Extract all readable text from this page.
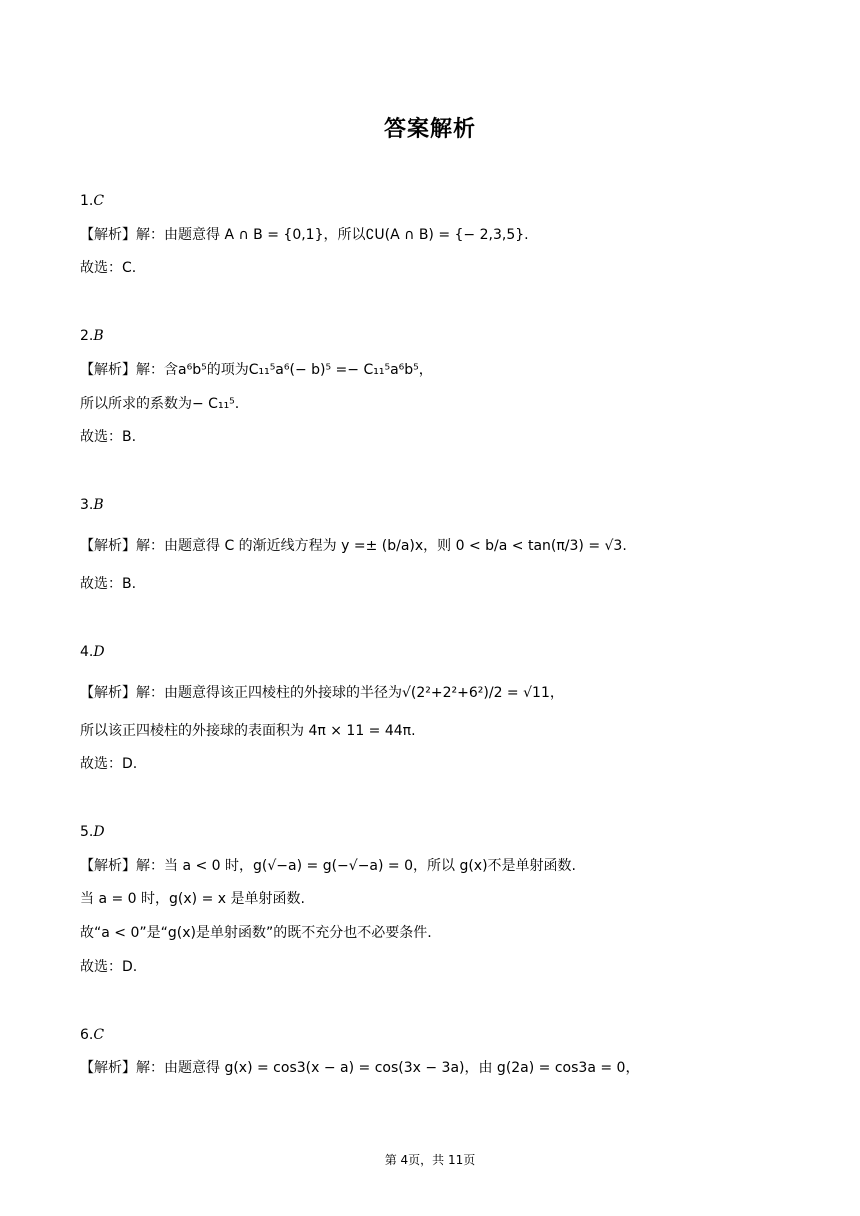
答案解析
1.C
【解析】解：由题意得 A ∩ B = {0,1}，所以∁U(A ∩ B) = {− 2,3,5}.
故选：C.
2.B
【解析】解：含a⁶b⁵的项为C₁₁⁵a⁶(− b)⁵ =− C₁₁⁵a⁶b⁵，
所以所求的系数为− C₁₁⁵.
故选：B.
3.B
【解析】解：由题意得 C 的渐近线方程为 y =± (b/a)x，则 0 < b/a < tan(π/3) = √3.
故选：B.
4.D
【解析】解：由题意得该正四棱柱的外接球的半径为√(2²+2²+6²)/2 = √11，
所以该正四棱柱的外接球的表面积为 4π × 11 = 44π.
故选：D.
5.D
【解析】解：当 a < 0 时，g(√−a) = g(−√−a) = 0，所以 g(x)不是单射函数.
当 a = 0 时，g(x) = x 是单射函数.
故“a < 0”是“g(x)是单射函数”的既不充分也不必要条件.
故选：D.
6.C
【解析】解：由题意得 g(x) = cos3(x − a) = cos(3x − 3a)，由 g(2a) = cos3a = 0，
第 4页，共 11页
